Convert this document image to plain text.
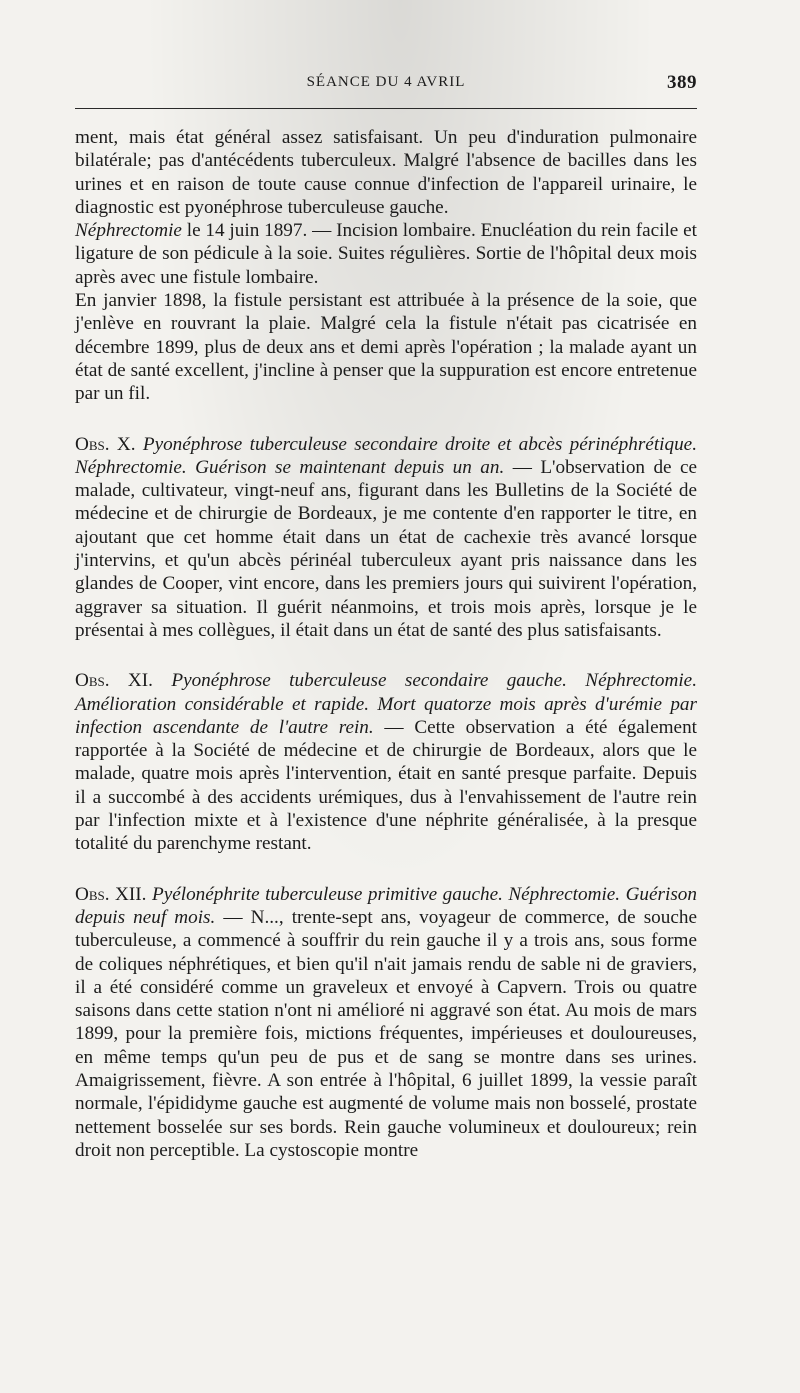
SÉANCE DU 4 AVRIL	389

ment, mais état général assez satisfaisant. Un peu d'induration pulmonaire bilatérale; pas d'antécédents tuberculeux. Malgré l'absence de bacilles dans les urines et en raison de toute cause connue d'infection de l'appareil urinaire, le diagnostic est pyonéphrose tuberculeuse gauche.

Néphrectomie le 14 juin 1897. — Incision lombaire. Enucléation du rein facile et ligature de son pédicule à la soie. Suites régulières. Sortie de l'hôpital deux mois après avec une fistule lombaire.

En janvier 1898, la fistule persistant est attribuée à la présence de la soie, que j'enlève en rouvrant la plaie. Malgré cela la fistule n'était pas cicatrisée en décembre 1899, plus de deux ans et demi après l'opération ; la malade ayant un état de santé excellent, j'incline à penser que la suppuration est encore entretenue par un fil.

Obs. X. Pyonéphrose tuberculeuse secondaire droite et abcès périnéphrétique. Néphrectomie. Guérison se maintenant depuis un an. — L'observation de ce malade, cultivateur, vingt-neuf ans, figurant dans les Bulletins de la Société de médecine et de chirurgie de Bordeaux, je me contente d'en rapporter le titre, en ajoutant que cet homme était dans un état de cachexie très avancé lorsque j'intervins, et qu'un abcès périnéal tuberculeux ayant pris naissance dans les glandes de Cooper, vint encore, dans les premiers jours qui suivirent l'opération, aggraver sa situation. Il guérit néanmoins, et trois mois après, lorsque je le présentai à mes collègues, il était dans un état de santé des plus satisfaisants.

Obs. XI. Pyonéphrose tuberculeuse secondaire gauche. Néphrectomie. Amélioration considérable et rapide. Mort quatorze mois après d'urémie par infection ascendante de l'autre rein. — Cette observation a été également rapportée à la Société de médecine et de chirurgie de Bordeaux, alors que le malade, quatre mois après l'intervention, était en santé presque parfaite. Depuis il a succombé à des accidents urémiques, dus à l'envahissement de l'autre rein par l'infection mixte et à l'existence d'une néphrite généralisée, à la presque totalité du parenchyme restant.

Obs. XII. Pyélonéphrite tuberculeuse primitive gauche. Néphrectomie. Guérison depuis neuf mois. — N..., trente-sept ans, voyageur de commerce, de souche tuberculeuse, a commencé à souffrir du rein gauche il y a trois ans, sous forme de coliques néphrétiques, et bien qu'il n'ait jamais rendu de sable ni de graviers, il a été considéré comme un graveleux et envoyé à Capvern. Trois ou quatre saisons dans cette station n'ont ni amélioré ni aggravé son état. Au mois de mars 1899, pour la première fois, mictions fréquentes, impérieuses et douloureuses, en même temps qu'un peu de pus et de sang se montre dans ses urines. Amaigrissement, fièvre. A son entrée à l'hôpital, 6 juillet 1899, la vessie paraît normale, l'épididyme gauche est augmenté de volume mais non bosselé, prostate nettement bosselée sur ses bords. Rein gauche volumineux et douloureux; rein droit non perceptible. La cystoscopie montre
